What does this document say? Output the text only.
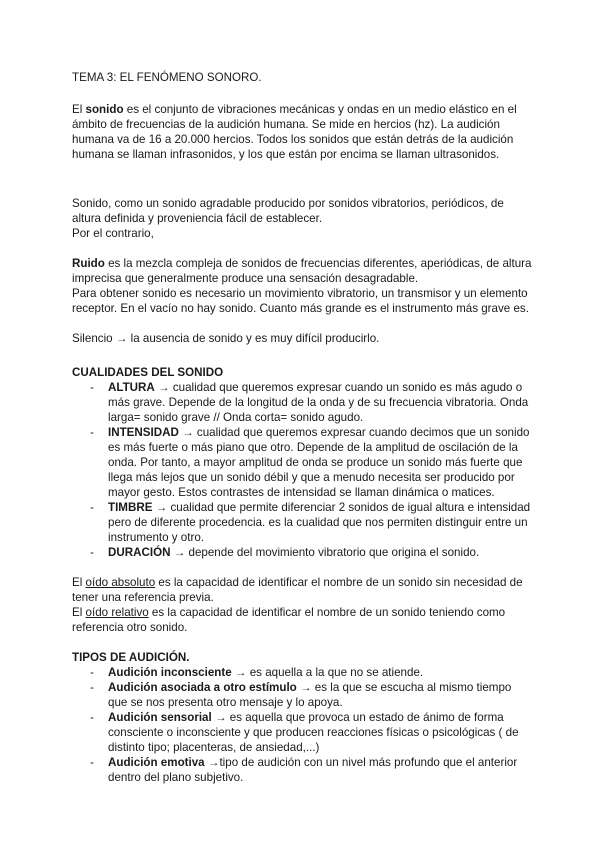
TEMA 3: EL FENÓMENO SONORO.

El sonido es el conjunto de vibraciones mecánicas y ondas en un medio elástico en el ámbito de frecuencias de la audición humana. Se mide en hercios (hz). La audición humana va de 16 a 20.000 hercios. Todos los sonidos que están detrás de la audición humana se llaman infrasonidos, y los que están por encima se llaman ultrasonidos.

Sonido, como un sonido agradable producido por sonidos vibratorios, periódicos, de altura definida y proveniencia fácil de establecer.

Por el contrario,

Ruido es la mezcla compleja de sonidos de frecuencias diferentes, aperiódicas, de altura imprecisa que generalmente produce una sensación desagradable.

Para obtener sonido es necesario un movimiento vibratorio, un transmisor y un elemento receptor. En el vacío no hay sonido. Cuanto más grande es el instrumento más grave es.

Silencio → la ausencia de sonido y es muy difícil producirlo.

CUALIDADES DEL SONIDO

- ALTURA → cualidad que queremos expresar cuando un sonido es más agudo o más grave. Depende de la longitud de la onda y de su frecuencia vibratoria. Onda larga= sonido grave // Onda corta= sonido agudo.
- INTENSIDAD → cualidad que queremos expresar cuando decimos que un sonido es más fuerte o más piano que otro. Depende de la amplitud de oscilación de la onda. Por tanto, a mayor amplitud de onda se produce un sonido más fuerte que llega más lejos que un sonido débil y que a menudo necesita ser producido por mayor gesto. Estos contrastes de intensidad se llaman dinámica o matices.
- TIMBRE → cualidad que permite diferenciar 2 sonidos de igual altura e intensidad pero de diferente procedencia. es la cualidad que nos permiten distinguir entre un instrumento y otro.
- DURACIÓN → depende del movimiento vibratorio que origina el sonido.

El oído absoluto es la capacidad de identificar el nombre de un sonido sin necesidad de tener una referencia previa.

El oído relativo es la capacidad de identificar el nombre de un sonido teniendo como referencia otro sonido.

TIPOS DE AUDICIÓN.

- Audición inconsciente → es aquella a la que no se atiende.
- Audición asociada a otro estímulo → es la que se escucha al mismo tiempo que se nos presenta otro mensaje y lo apoya.
- Audición sensorial → es aquella que provoca un estado de ánimo de forma consciente o inconsciente y que producen reacciones físicas o psicológicas ( de distinto tipo; placenteras, de ansiedad,...)
- Audición emotiva →tipo de audición con un nivel más profundo que el anterior dentro del plano subjetivo.
